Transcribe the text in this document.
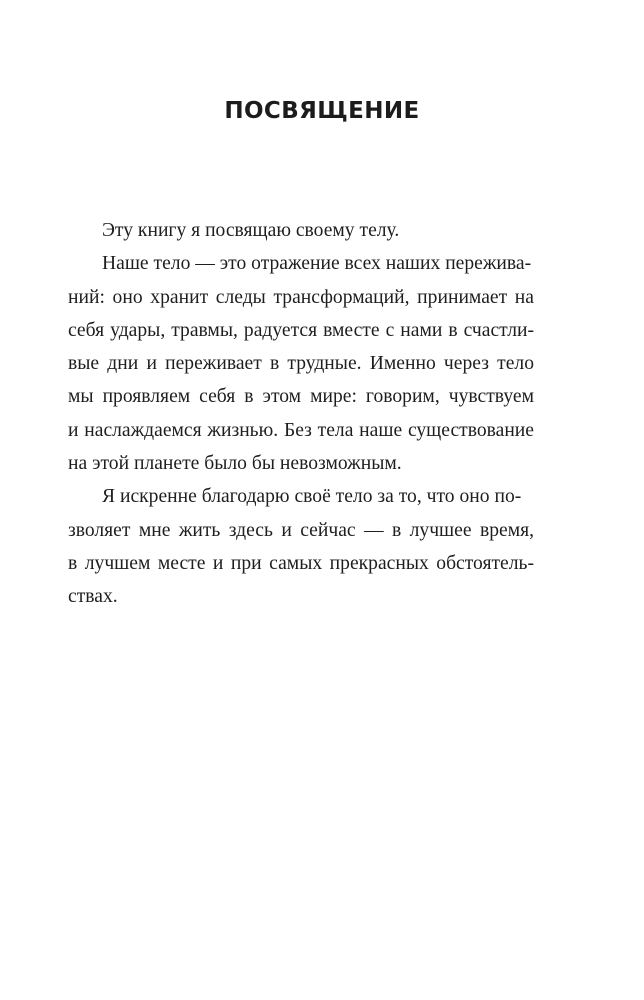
ПОСВЯЩЕНИЕ
Эту книгу я посвящаю своему телу.
Наше тело — это отражение всех наших пережива-
ний: оно хранит следы трансформаций, принимает на
себя удары, травмы, радуется вместе с нами в счастли-
вые дни и переживает в трудные. Именно через тело
мы проявляем себя в этом мире: говорим, чувствуем
и наслаждаемся жизнью. Без тела наше существование
на этой планете было бы невозможным.
Я искренне благодарю своё тело за то, что оно по-
зволяет мне жить здесь и сейчас — в лучшее время,
в лучшем месте и при самых прекрасных обстоятель-
ствах.
